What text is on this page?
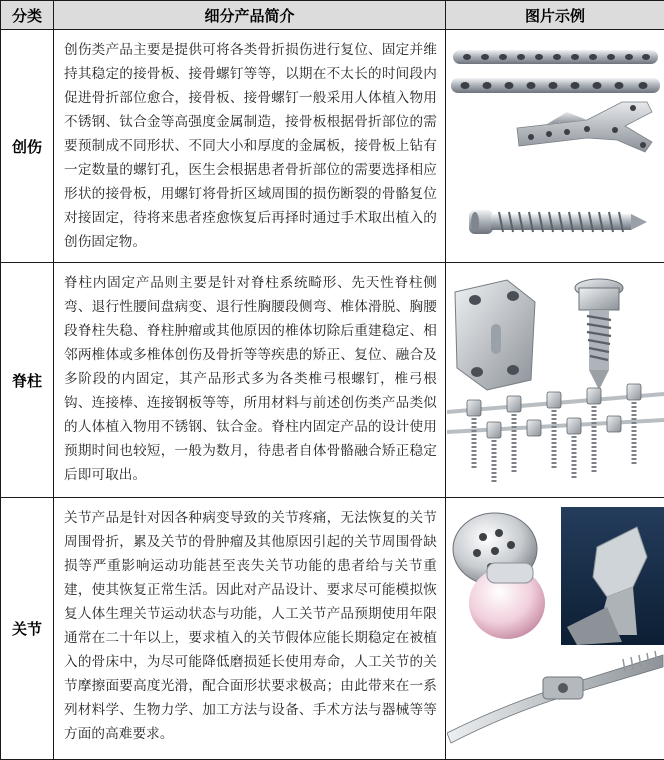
分类	细分产品简介	图片示例
创伤	创伤类产品主要是提供可将各类骨折损伤进行复位、固定并维持其稳定的接骨板、接骨螺钉等等，以期在不太长的时间段内促进骨折部位愈合，接骨板、接骨螺钉一般采用人体植入物用不锈钢、钛合金等高强度金属制造，接骨板根据骨折部位的需要预制成不同形状、不同大小和厚度的金属板，接骨板上钻有一定数量的螺钉孔，医生会根据患者骨折部位的需要选择相应形状的接骨板，用螺钉将骨折区域周围的损伤断裂的骨骼复位对接固定，待将来患者痊愈恢复后再择时通过手术取出植入的创伤固定物。	

脊柱	脊柱内固定产品则主要是针对脊柱系统畸形、先天性脊柱侧弯、退行性腰间盘病变、退行性胸腰段侧弯、椎体滑脱、胸腰段脊柱失稳、脊柱肿瘤或其他原因的椎体切除后重建稳定、相邻两椎体或多椎体创伤及骨折等等疾患的矫正、复位、融合及多阶段的内固定，其产品形式多为各类椎弓根螺钉，椎弓根钩、连接棒、连接钢板等等，所用材料与前述创伤类产品类似的人体植入物用不锈钢、钛合金。脊柱内固定产品的设计使用预期时间也较短，一般为数月，待患者自体骨骼融合矫正稳定后即可取出。	

关节	关节产品是针对因各种病变导致的关节疼痛，无法恢复的关节周围骨折，累及关节的骨肿瘤及其他原因引起的关节周围骨缺损等严重影响运动功能甚至丧失关节功能的患者给与关节重建，使其恢复正常生活。因此对产品设计、要求尽可能模拟恢复人体生理关节运动状态与功能，人工关节产品预期使用年限通常在二十年以上，要求植入的关节假体应能长期稳定在被植入的骨床中，为尽可能降低磨损延长使用寿命，人工关节的关节摩擦面要高度光滑，配合面形状要求极高；由此带来在一系列材料学、生物力学、加工方法与设备、手术方法与器械等等方面的高难要求。	
